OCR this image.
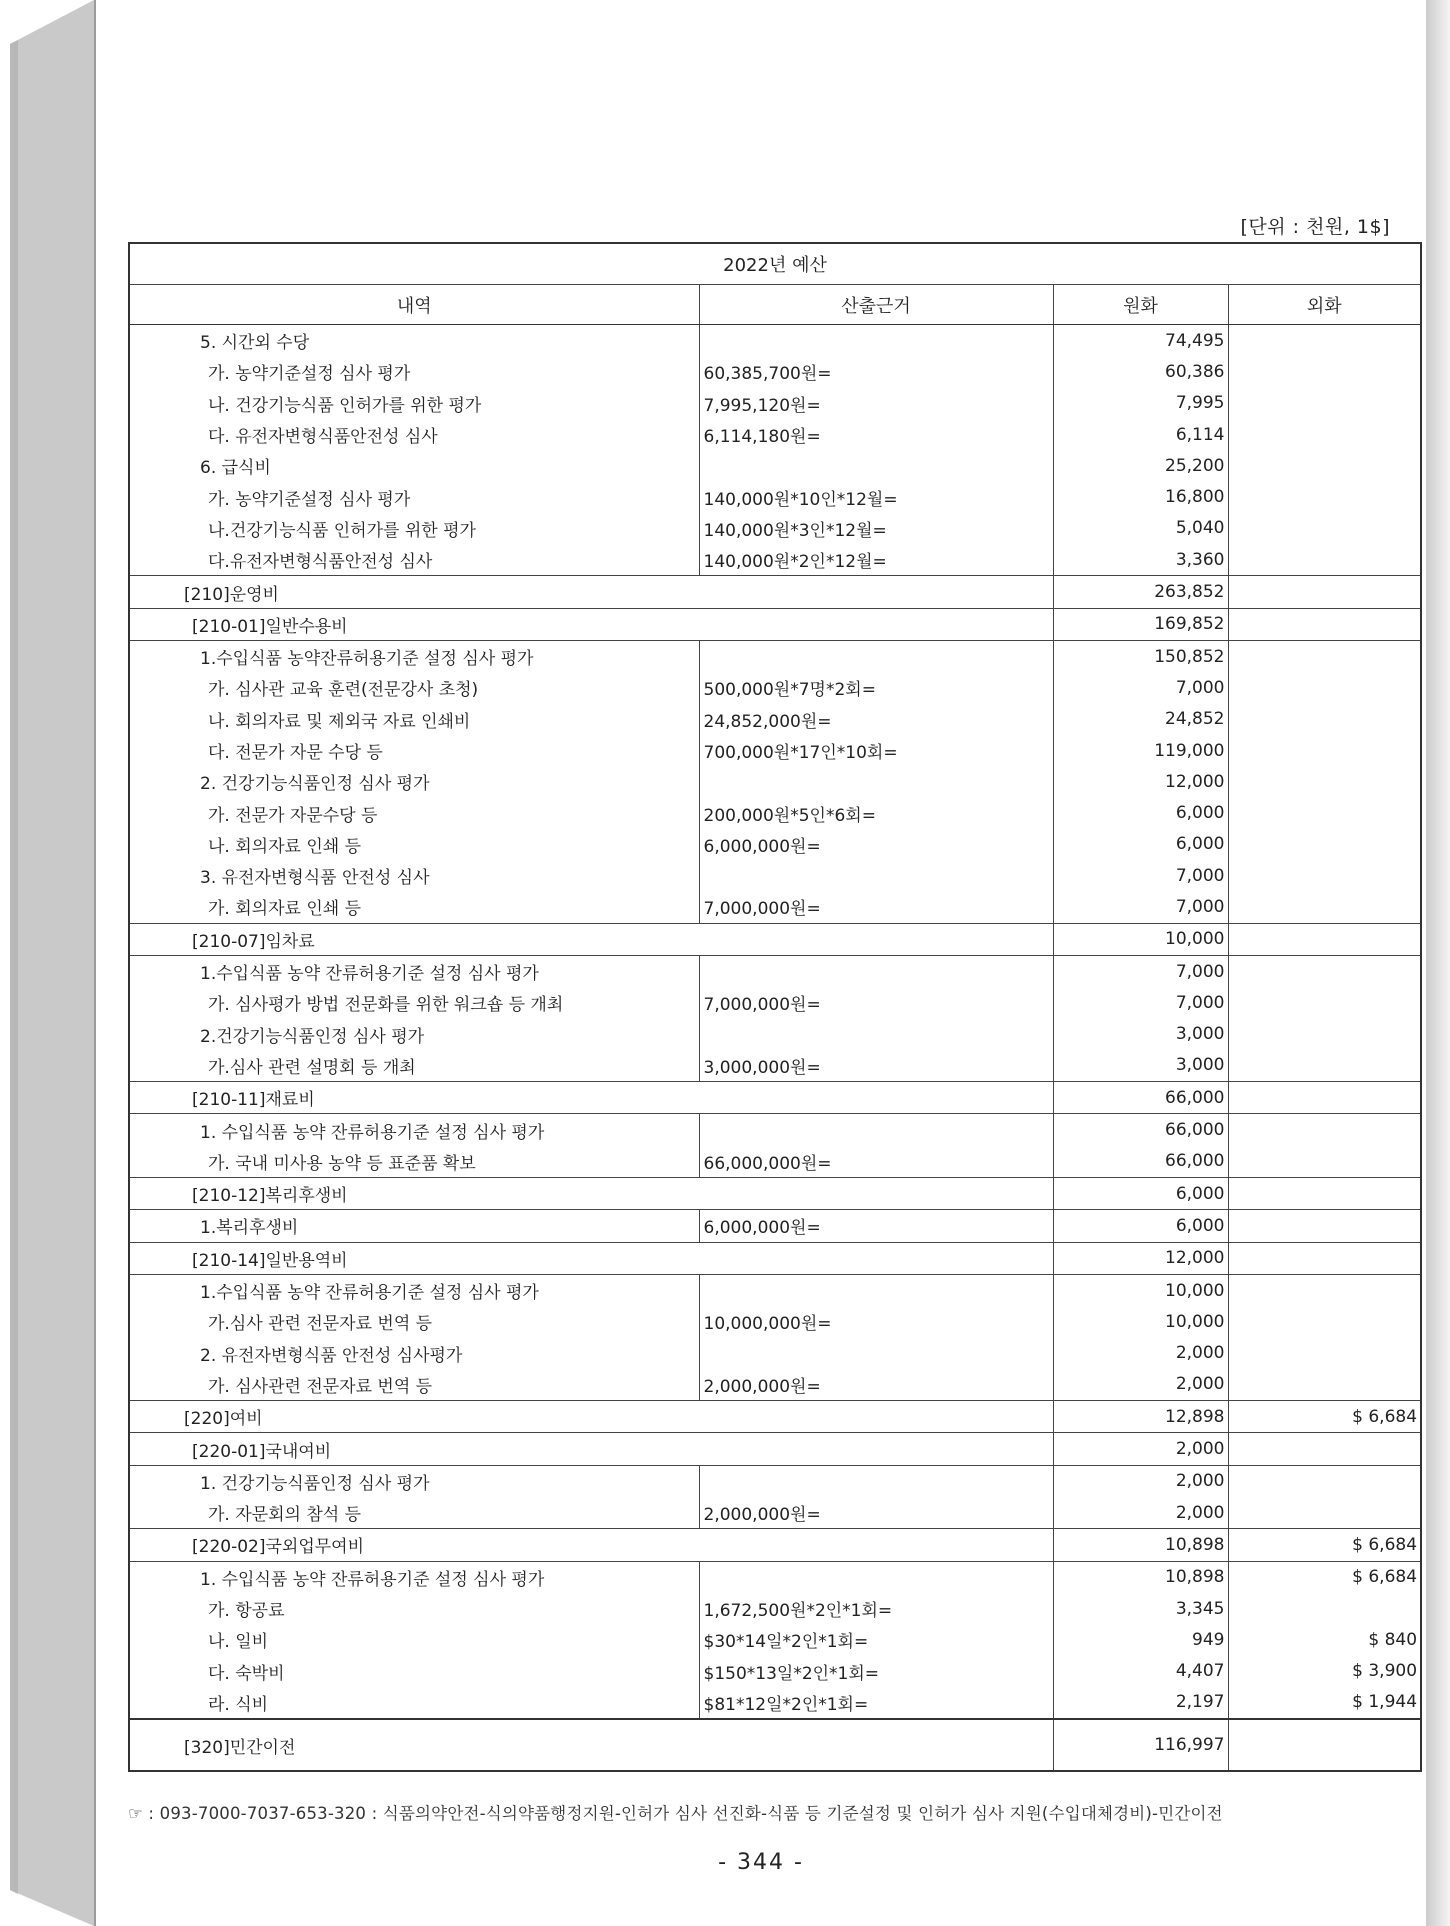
[단위 : 천원, 1$]
2022년 예산			
내역	산출근거	원화	외화
5. 시간외 수당		74,495	
가. 농약기준설정 심사 평가	60,385,700원=	60,386	
나. 건강기능식품 인허가를 위한 평가	7,995,120원=	7,995	
다. 유전자변형식품안전성 심사	6,114,180원=	6,114	
6. 급식비		25,200	
가. 농약기준설정 심사 평가	140,000원*10인*12월=	16,800	
나.건강기능식품 인허가를 위한 평가	140,000원*3인*12월=	5,040	
다.유전자변형식품안전성 심사	140,000원*2인*12월=	3,360	
[210]운영비		263,852	
[210-01]일반수용비		169,852	
1.수입식품 농약잔류허용기준 설정 심사 평가		150,852	
가. 심사관 교육 훈련(전문강사 초청)	500,000원*7명*2회=	7,000	
나. 회의자료 및 제외국 자료 인쇄비	24,852,000원=	24,852	
다. 전문가 자문 수당 등	700,000원*17인*10회=	119,000	
2. 건강기능식품인정 심사 평가		12,000	
가. 전문가 자문수당 등	200,000원*5인*6회=	6,000	
나. 회의자료 인쇄 등	6,000,000원=	6,000	
3. 유전자변형식품 안전성 심사		7,000	
가. 회의자료 인쇄 등	7,000,000원=	7,000	
[210-07]임차료		10,000	
1.수입식품 농약 잔류허용기준 설정 심사 평가		7,000	
가. 심사평가 방법 전문화를 위한 워크숍 등 개최	7,000,000원=	7,000	
2.건강기능식품인정 심사 평가		3,000	
가.심사 관련 설명회 등 개최	3,000,000원=	3,000	
[210-11]재료비		66,000	
1. 수입식품 농약 잔류허용기준 설정 심사 평가		66,000	
가. 국내 미사용 농약 등 표준품 확보	66,000,000원=	66,000	
[210-12]복리후생비		6,000	
1.복리후생비	6,000,000원=	6,000	
[210-14]일반용역비		12,000	
1.수입식품 농약 잔류허용기준 설정 심사 평가		10,000	
가.심사 관련 전문자료 번역 등	10,000,000원=	10,000	
2. 유전자변형식품 안전성 심사평가		2,000	
가. 심사관련 전문자료 번역 등	2,000,000원=	2,000	
[220]여비		12,898	$ 6,684
[220-01]국내여비		2,000	
1. 건강기능식품인정 심사 평가		2,000	
가. 자문회의 참석 등	2,000,000원=	2,000	
[220-02]국외업무여비		10,898	$ 6,684
1. 수입식품 농약 잔류허용기준 설정 심사 평가		10,898	$ 6,684
가. 항공료	1,672,500원*2인*1회=	3,345	
나. 일비	$30*14일*2인*1회=	949	$ 840
다. 숙박비	$150*13일*2인*1회=	4,407	$ 3,900
라. 식비	$81*12일*2인*1회=	2,197	$ 1,944
[320]민간이전		116,997	
☞ : 093-7000-7037-653-320 : 식품의약안전-식의약품행정지원-인허가 심사 선진화-식품 등 기준설정 및 인허가 심사 지원(수입대체경비)-민간이전
- 344 -
